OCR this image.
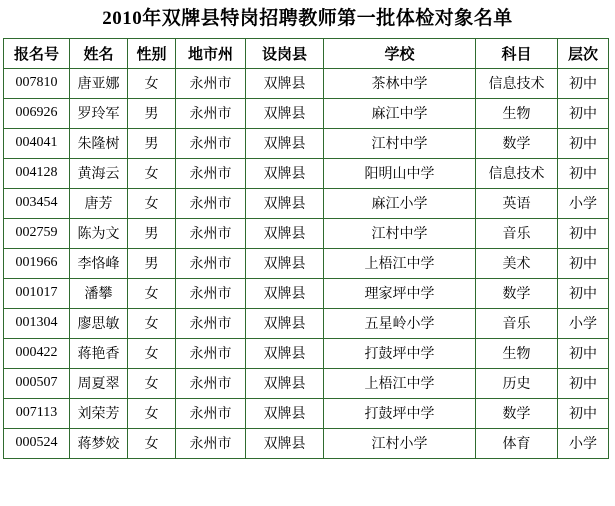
2010年双牌县特岗招聘教师第一批体检对象名单
报名号	姓名	性别	地市州	设岗县	学校	科目	层次
007810	唐亚娜	女	永州市	双牌县	茶林中学	信息技术	初中
006926	罗玲军	男	永州市	双牌县	麻江中学	生物	初中
004041	朱隆树	男	永州市	双牌县	江村中学	数学	初中
004128	黄海云	女	永州市	双牌县	阳明山中学	信息技术	初中
003454	唐芳	女	永州市	双牌县	麻江小学	英语	小学
002759	陈为文	男	永州市	双牌县	江村中学	音乐	初中
001966	李恪峰	男	永州市	双牌县	上梧江中学	美术	初中
001017	潘攀	女	永州市	双牌县	理家坪中学	数学	初中
001304	廖思敏	女	永州市	双牌县	五星岭小学	音乐	小学
000422	蒋艳香	女	永州市	双牌县	打鼓坪中学	生物	初中
000507	周夏翠	女	永州市	双牌县	上梧江中学	历史	初中
007113	刘荣芳	女	永州市	双牌县	打鼓坪中学	数学	初中
000524	蒋梦姣	女	永州市	双牌县	江村小学	体育	小学
